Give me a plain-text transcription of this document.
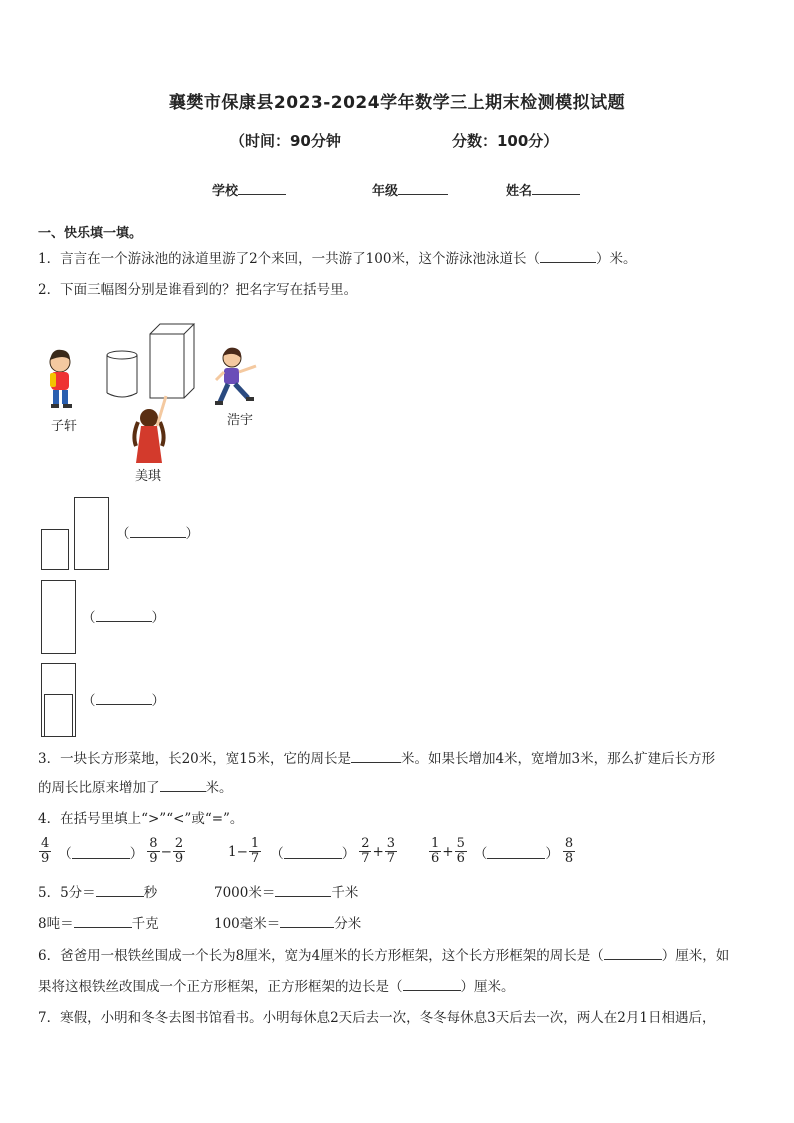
襄樊市保康县2023-2024学年数学三上期末检测模拟试题
（时间：90分钟	分数：100分）
学校	年级	姓名
一、快乐填一填。
1．言言在一个游泳池的泳道里游了2个来回，一共游了100米，这个游泳池泳道长（	）米。
2．下面三幅图分别是谁看到的？把名字写在括号里。
子轩
美琪
浩宇
（	）
（	）
（	）
3．一块长方形菜地，长20米，宽15米，它的周长是	米。如果长增加4米，宽增加3米，那么扩建后长方形
的周长比原来增加了	米。
4．在括号里填上“>”“<”或“=”。
$\frac{4}{9}$ （	） $\frac{8}{9} - \frac{2}{9}$	$1 - \frac{1}{7}$ （	） $\frac{2}{7} + \frac{3}{7} \frac{1}{6} + \frac{5}{6}$ （	） $\frac{8}{8}$
5．5分＝	秒	7000米＝	千米
8吨＝	千克	100毫米＝	分米
6．爸爸用一根铁丝围成一个长为8厘米，宽为4厘米的长方形框架，这个长方形框架的周长是（	）厘米，如
果将这根铁丝改围成一个正方形框架，正方形框架的边长是（	）厘米。
7．寒假，小明和冬冬去图书馆看书。小明每休息2天后去一次，冬冬每休息3天后去一次，两人在2月1日相遇后，
